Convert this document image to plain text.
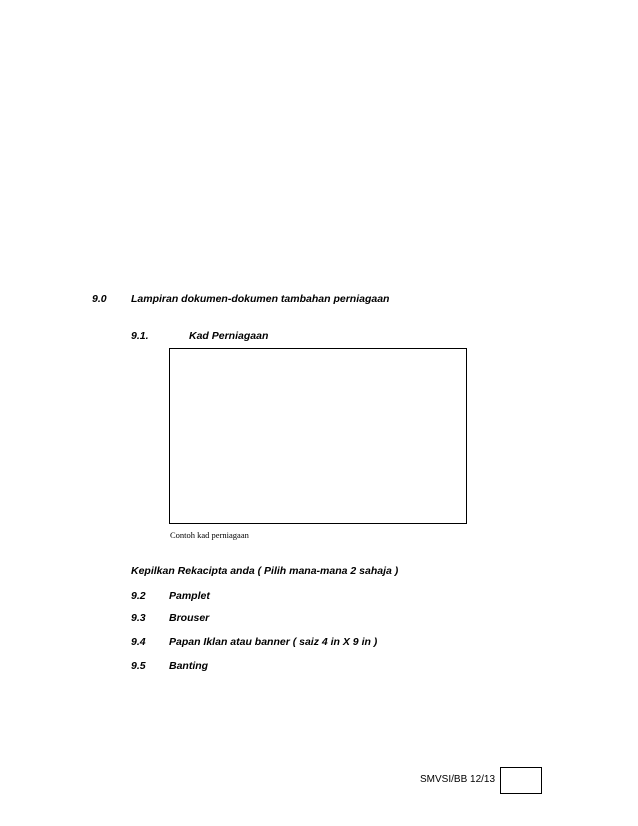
9.0 Lampiran dokumen-dokumen tambahan perniagaan
9.1.	Kad Perniagaan
Contoh kad perniagaan
Kepilkan Rekacipta anda ( Pilih mana-mana 2 sahaja )
9.2 Pamplet
9.3 Brouser
9.4 Papan Iklan atau banner ( saiz 4 in X 9 in )
9.5 Banting
SMVSI/BB 12/13
